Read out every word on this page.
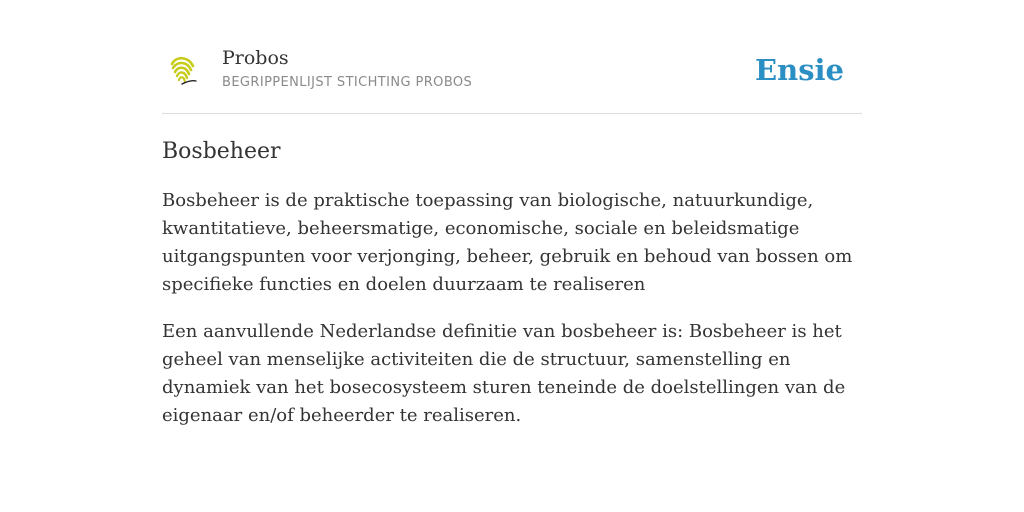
Probos
BEGRIPPENLIJST STICHTING PROBOS	Ensie
Bosbeheer

Bosbeheer is de praktische toepassing van biologische, natuurkundige, kwantitatieve, beheersmatige, economische, sociale en beleidsmatige uitgangspunten voor verjonging, beheer, gebruik en behoud van bossen om specifieke functies en doelen duurzaam te realiseren

Een aanvullende Nederlandse definitie van bosbeheer is: Bosbeheer is het geheel van menselijke activiteiten die de structuur, samenstelling en dynamiek van het bosecosysteem sturen teneinde de doelstellingen van de eigenaar en/of beheerder te realiseren.
